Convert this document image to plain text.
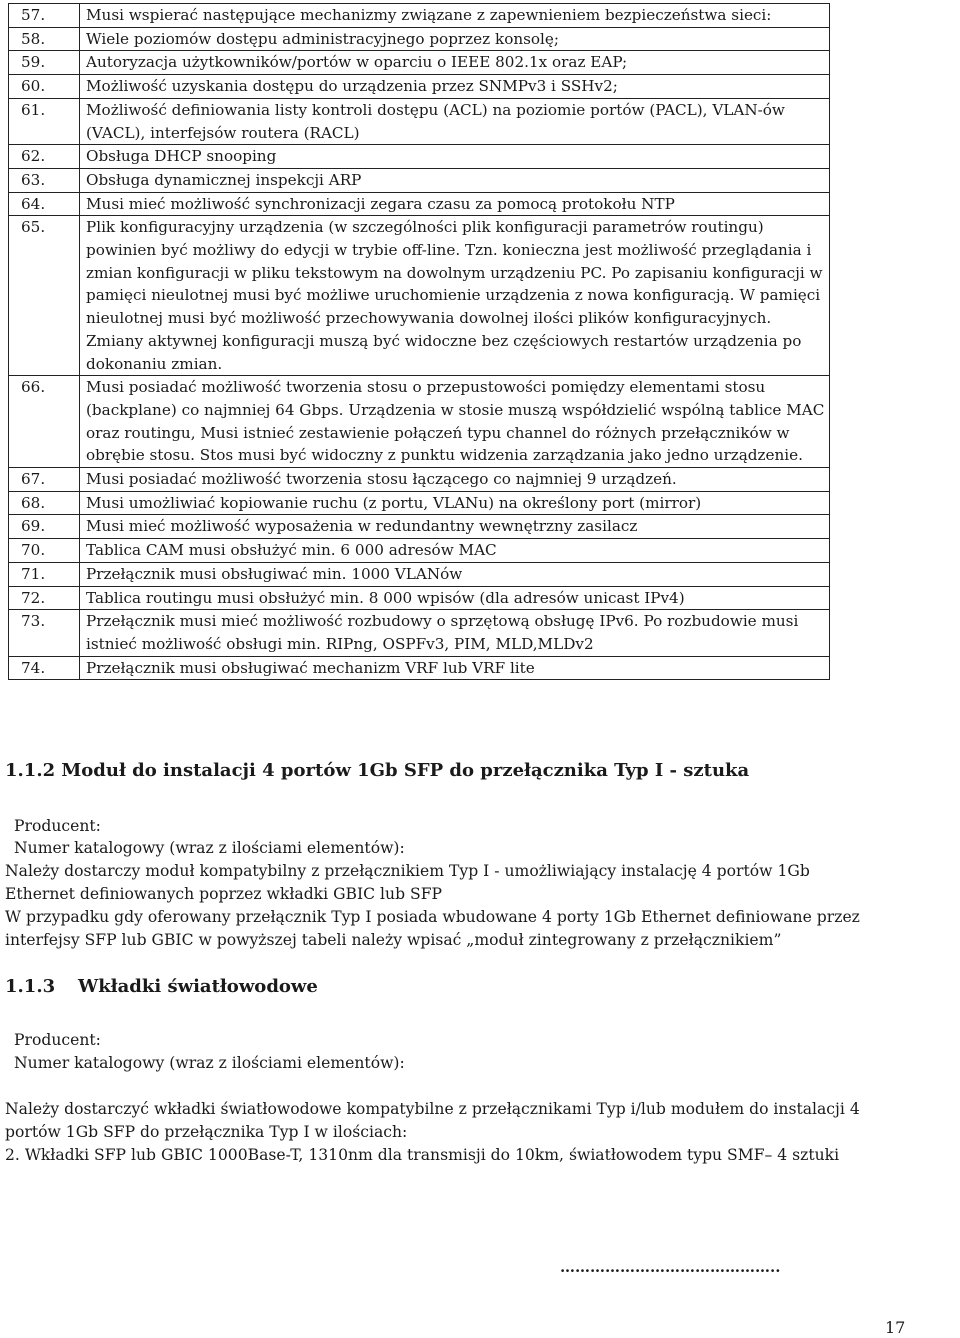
57.	Musi wspierać następujące mechanizmy związane z zapewnieniem bezpieczeństwa sieci:
58.	Wiele poziomów dostępu administracyjnego poprzez konsolę;
59.	Autoryzacja użytkowników/portów w oparciu o IEEE 802.1x oraz EAP;
60.	Możliwość uzyskania dostępu do urządzenia przez SNMPv3 i SSHv2;
61.	Możliwość definiowania listy kontroli dostępu (ACL) na poziomie portów (PACL), VLAN-ów (VACL), interfejsów routera (RACL)
62.	Obsługa DHCP snooping
63.	Obsługa dynamicznej inspekcji ARP
64.	Musi mieć możliwość synchronizacji zegara czasu za pomocą protokołu NTP
65.	Plik konfiguracyjny urządzenia (w szczególności plik konfiguracji parametrów routingu) powinien być możliwy do edycji w trybie off-line. Tzn. konieczna jest możliwość przeglądania i zmian konfiguracji w pliku tekstowym na dowolnym urządzeniu PC. Po zapisaniu konfiguracji w pamięci nieulotnej musi być możliwe uruchomienie urządzenia z nowa konfiguracją. W pamięci nieulotnej musi być możliwość przechowywania dowolnej ilości plików konfiguracyjnych. Zmiany aktywnej konfiguracji muszą być widoczne bez częściowych restartów urządzenia po dokonaniu zmian.
66.	Musi posiadać możliwość tworzenia stosu o przepustowości pomiędzy elementami stosu (backplane) co najmniej 64 Gbps. Urządzenia w stosie muszą współdzielić wspólną tablice MAC oraz routingu, Musi istnieć zestawienie połączeń typu channel do różnych przełączników w obrębie stosu. Stos musi być widoczny z punktu widzenia zarządzania jako jedno urządzenie.
67.	Musi posiadać możliwość tworzenia stosu łączącego co najmniej 9 urządzeń.
68.	Musi umożliwiać kopiowanie ruchu (z portu, VLANu) na określony port (mirror)
69.	Musi mieć możliwość wyposażenia w redundantny wewnętrzny zasilacz
70.	Tablica CAM musi obsłużyć min. 6 000 adresów MAC
71.	Przełącznik musi obsługiwać min. 1000 VLANów
72.	Tablica routingu musi obsłużyć min. 8 000 wpisów (dla adresów unicast IPv4)
73.	Przełącznik musi mieć możliwość rozbudowy o sprzętową obsługę IPv6. Po rozbudowie musi istnieć możliwość obsługi min. RIPng, OSPFv3, PIM, MLD,MLDv2
74.	Przełącznik musi obsługiwać mechanizm VRF lub VRF lite
1.1.2 Moduł do instalacji 4 portów 1Gb SFP do przełącznika Typ I - sztuka
Producent:
Numer katalogowy (wraz z ilościami elementów):
Należy dostarczy moduł kompatybilny z przełącznikiem Typ I - umożliwiający instalację 4 portów 1Gb
Ethernet definiowanych poprzez wkładki GBIC lub SFP
W przypadku gdy oferowany przełącznik Typ I posiada wbudowane 4 porty 1Gb Ethernet definiowane przez
interfejsy SFP lub GBIC w powyższej tabeli należy wpisać „moduł zintegrowany z przełącznikiem”
1.1.3 Wkładki światłowodowe
Producent:
Numer katalogowy (wraz z ilościami elementów):
Należy dostarczyć wkładki światłowodowe kompatybilne z przełącznikami Typ i/lub modułem do instalacji 4
portów 1Gb SFP do przełącznika Typ I w ilościach:
2. Wkładki SFP lub GBIC 1000Base-T, 1310nm dla transmisji do 10km, światłowodem typu SMF– 4 sztuki
……………………………………..
17
